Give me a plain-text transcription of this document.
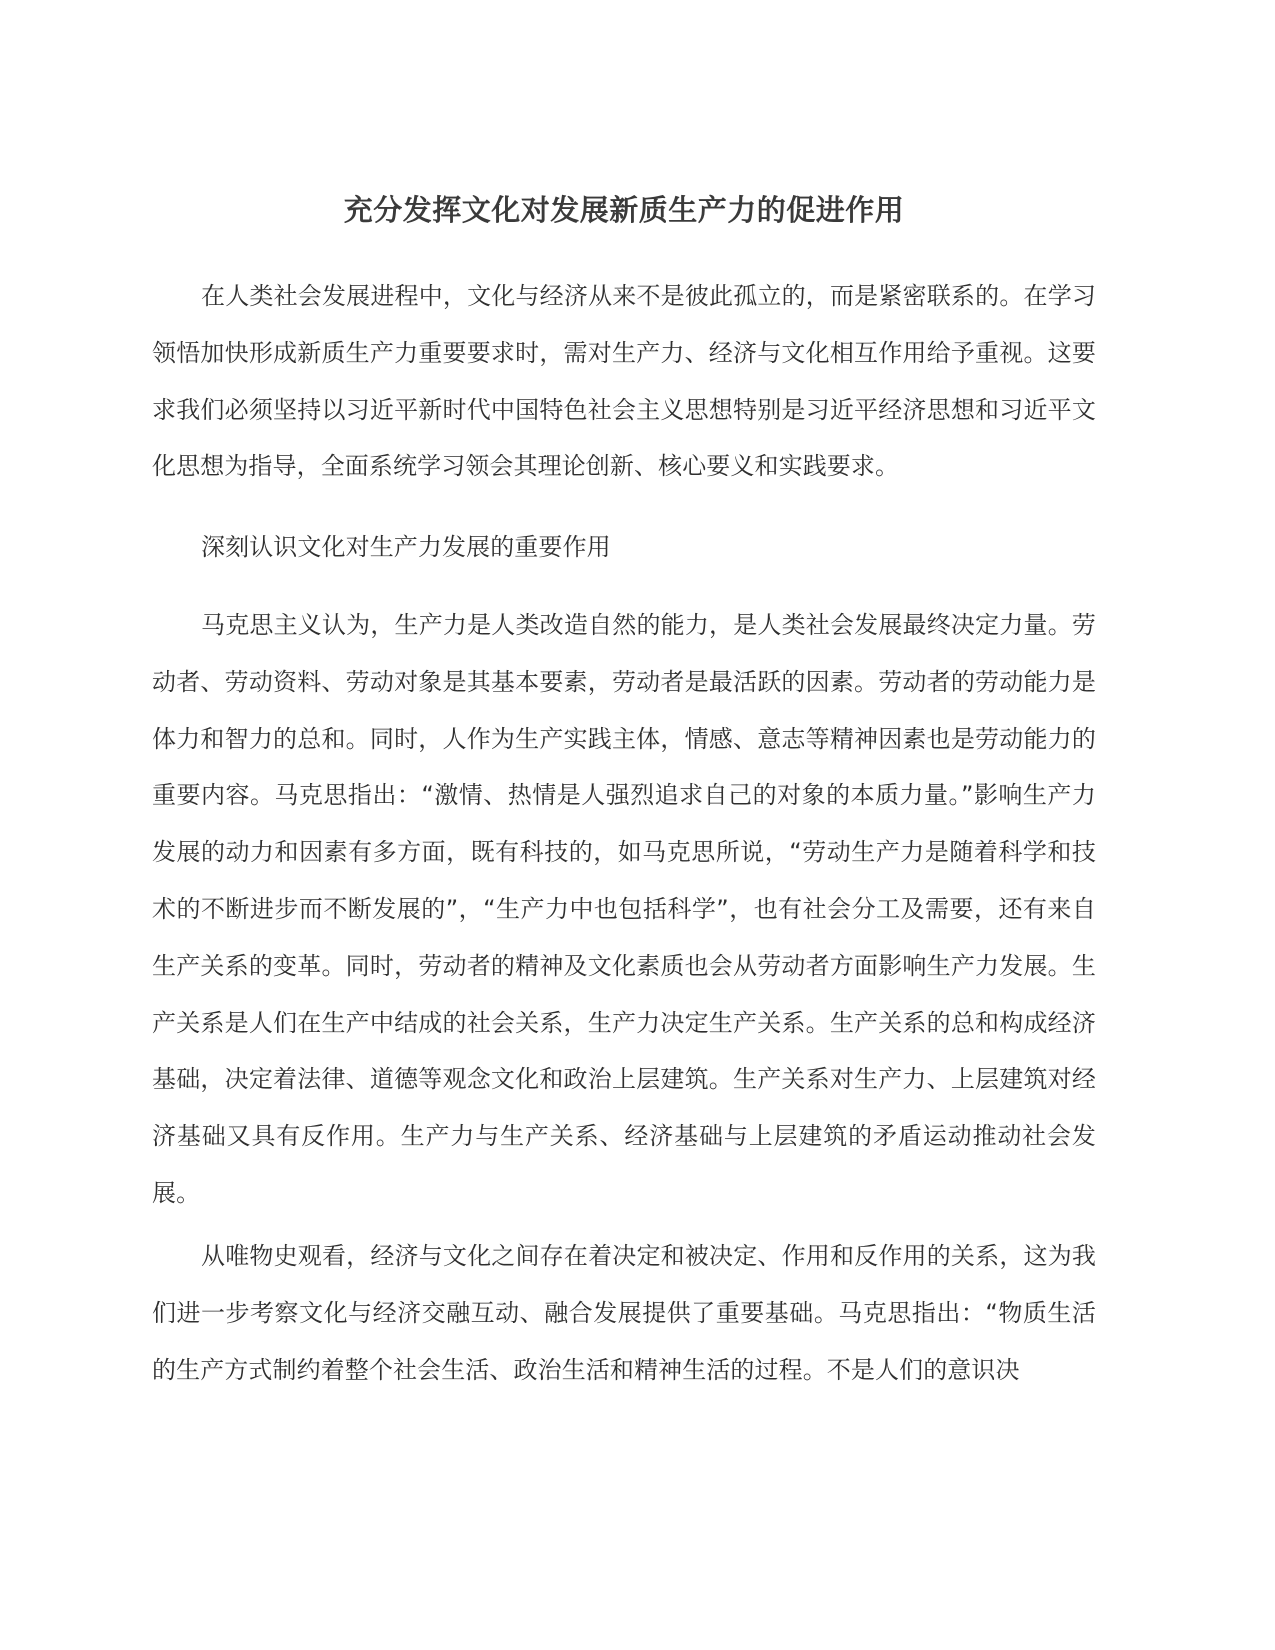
充分发挥文化对发展新质生产力的促进作用

在人类社会发展进程中，文化与经济从来不是彼此孤立的，而是紧密联系的。在学习领悟加快形成新质生产力重要要求时，需对生产力、经济与文化相互作用给予重视。这要求我们必须坚持以习近平新时代中国特色社会主义思想特别是习近平经济思想和习近平文化思想为指导，全面系统学习领会其理论创新、核心要义和实践要求。

深刻认识文化对生产力发展的重要作用

马克思主义认为，生产力是人类改造自然的能力，是人类社会发展最终决定力量。劳动者、劳动资料、劳动对象是其基本要素，劳动者是最活跃的因素。劳动者的劳动能力是体力和智力的总和。同时，人作为生产实践主体，情感、意志等精神因素也是劳动能力的重要内容。马克思指出：“激情、热情是人强烈追求自己的对象的本质力量。”影响生产力发展的动力和因素有多方面，既有科技的，如马克思所说，“劳动生产力是随着科学和技术的不断进步而不断发展的”，“生产力中也包括科学”，也有社会分工及需要，还有来自生产关系的变革。同时，劳动者的精神及文化素质也会从劳动者方面影响生产力发展。生产关系是人们在生产中结成的社会关系，生产力决定生产关系。生产关系的总和构成经济基础，决定着法律、道德等观念文化和政治上层建筑。生产关系对生产力、上层建筑对经济基础又具有反作用。生产力与生产关系、经济基础与上层建筑的矛盾运动推动社会发展。

从唯物史观看，经济与文化之间存在着决定和被决定、作用和反作用的关系，这为我们进一步考察文化与经济交融互动、融合发展提供了重要基础。马克思指出：“物质生活的生产方式制约着整个社会生活、政治生活和精神生活的过程。不是人们的意识决
